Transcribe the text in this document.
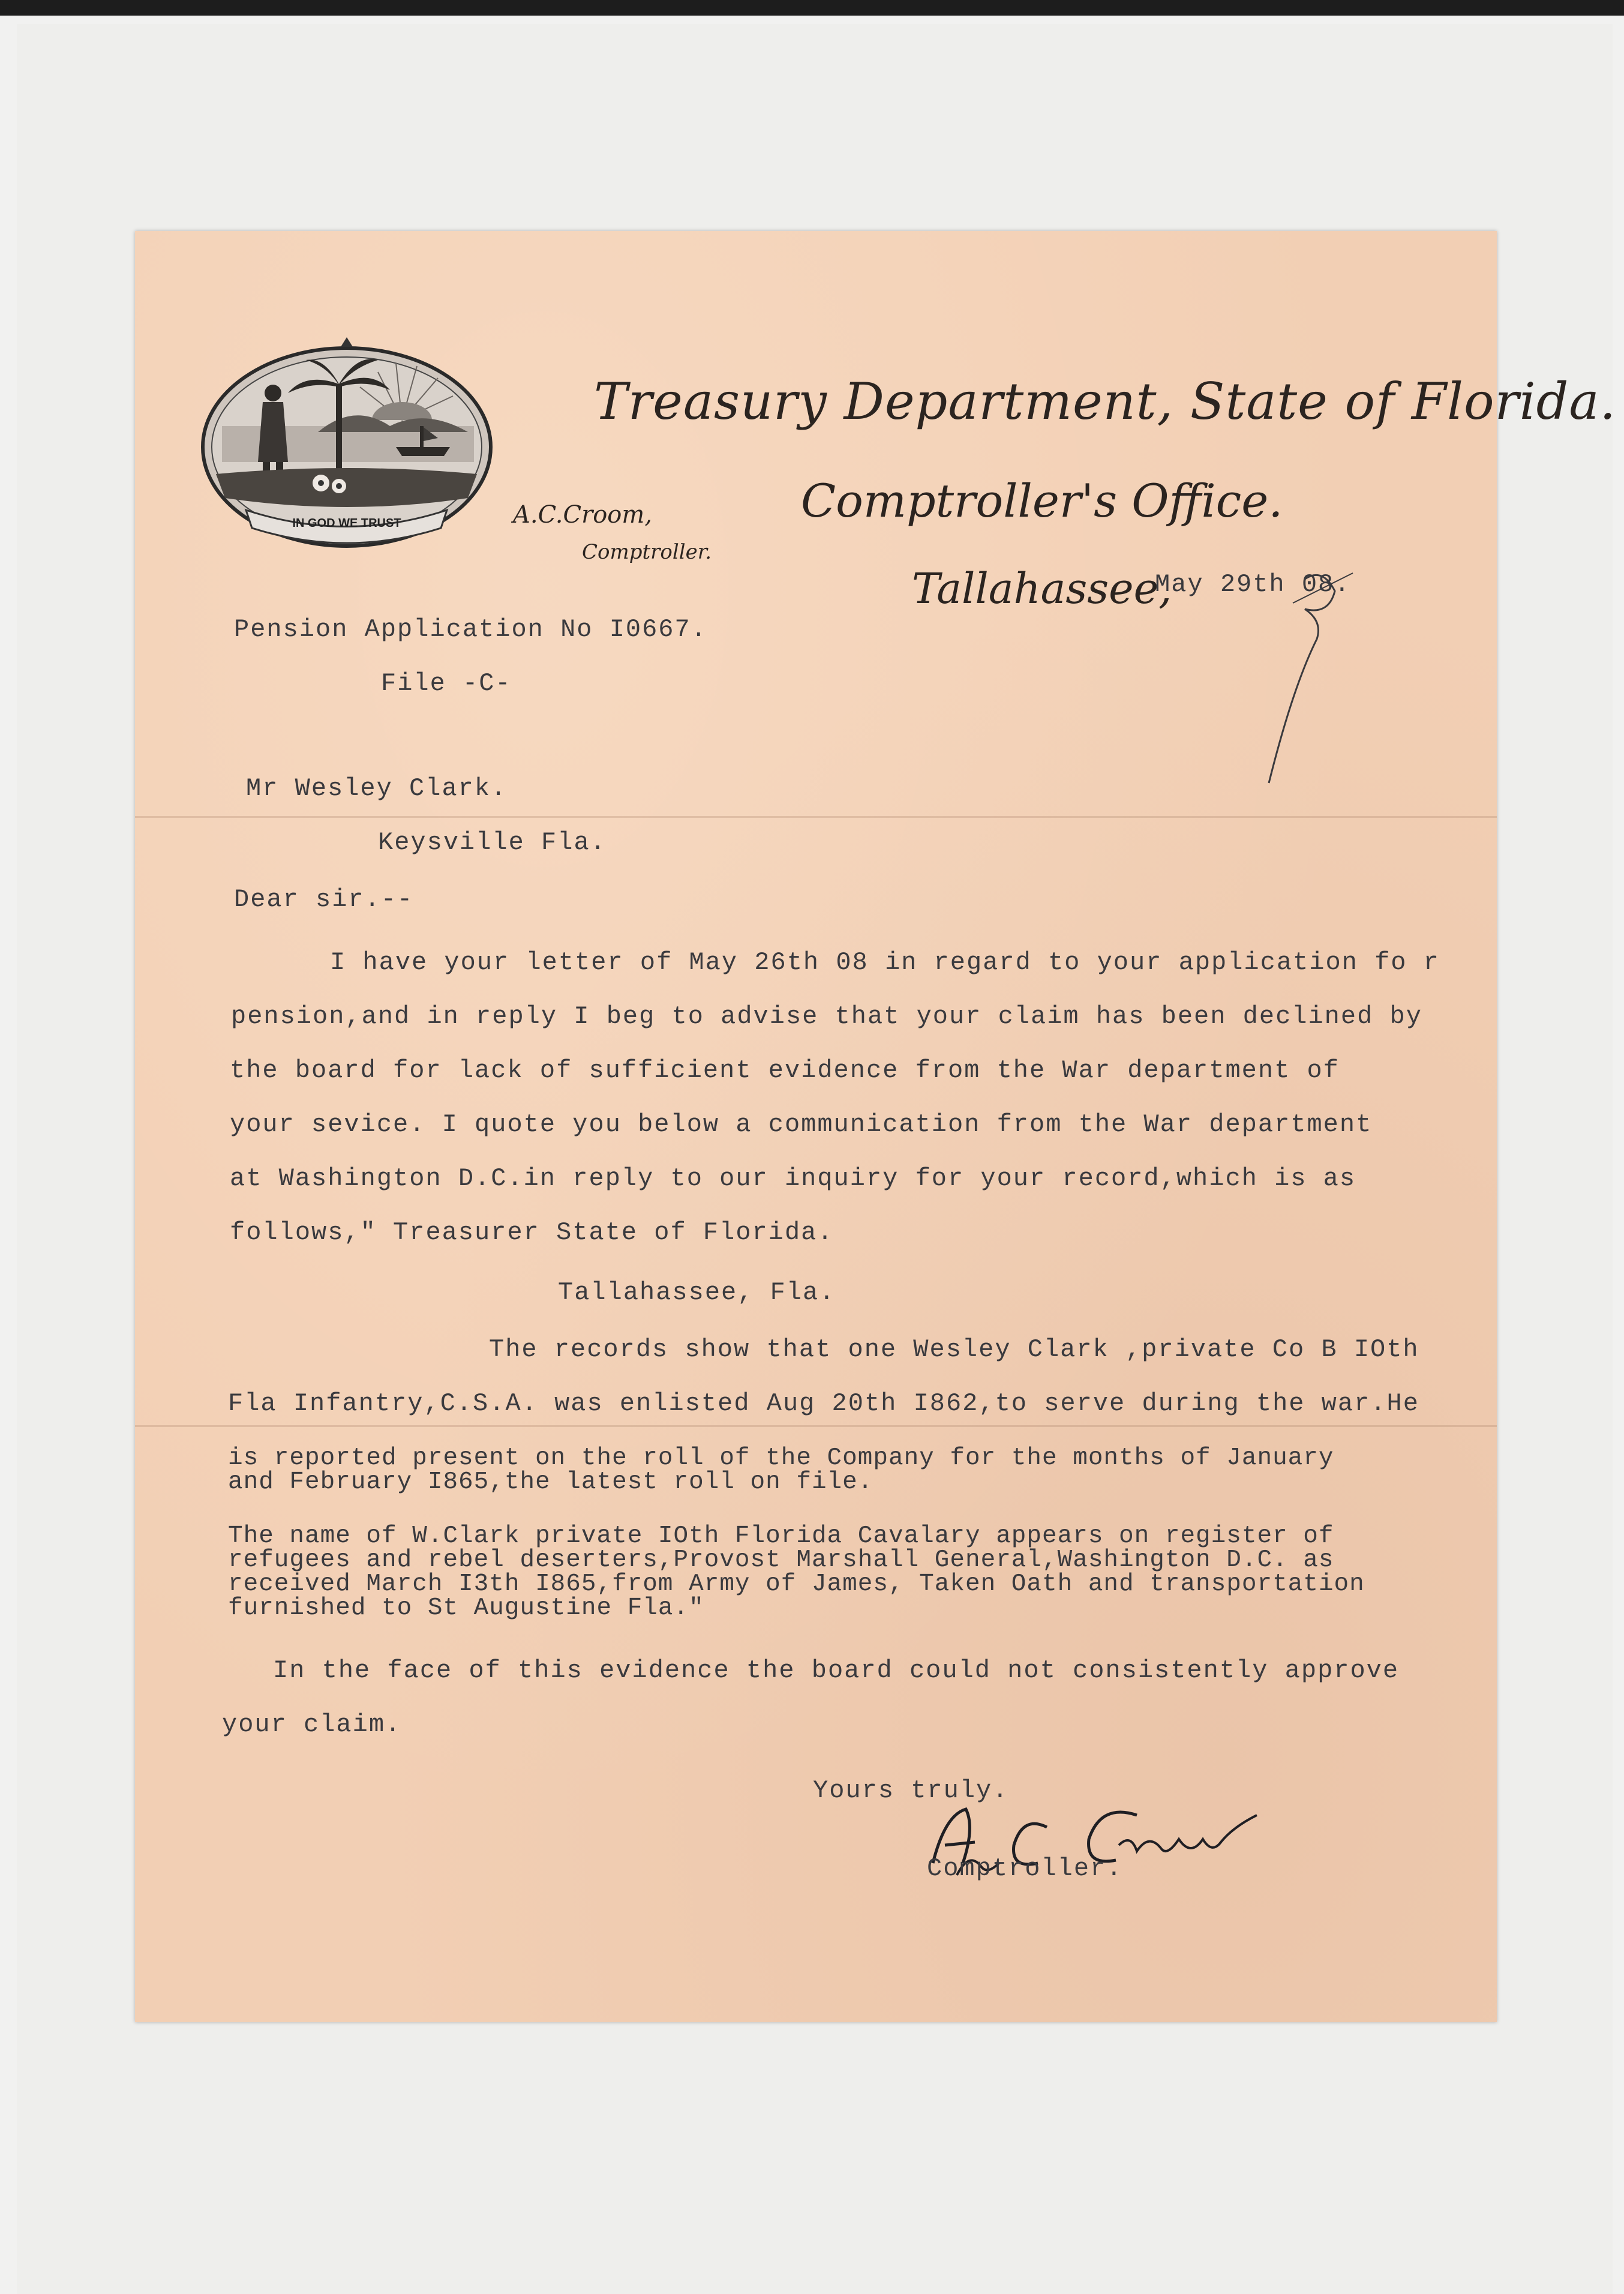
IN GOD WE TRUST
Treasury Department, State of Florida.
Comptroller's Office.
A.C.Croom,
Comptroller.
Tallahassee,
May 29th 08.
Pension Application No I0667.
File -C-
Mr Wesley Clark.
Keysville Fla.
Dear sir.--
I have your letter of May 26th 08 in regard to your application fo r
pension,and in reply I beg to advise that your claim has been declined by
the board for lack of sufficient evidence from the War department of
your sevice. I quote you below a communication from the War department
at Washington D.C.in reply to our inquiry for your record,which is as
follows," Treasurer State of Florida.
Tallahassee, Fla.
The records show that one Wesley Clark ,private Co B IOth
Fla Infantry,C.S.A. was enlisted Aug 20th I862,to serve during the war.He
is reported present on the roll of the Company for the months of January
and February I865,the latest roll on file.
The name of W.Clark private IOth Florida Cavalary appears on register of
refugees and rebel deserters,Provost Marshall General,Washington D.C. as
received March I3th I865,from Army of James, Taken Oath and transportation
furnished to St Augustine Fla."
In the face of this evidence the board could not consistently approve
your claim.
Yours truly.
Comptroller.
